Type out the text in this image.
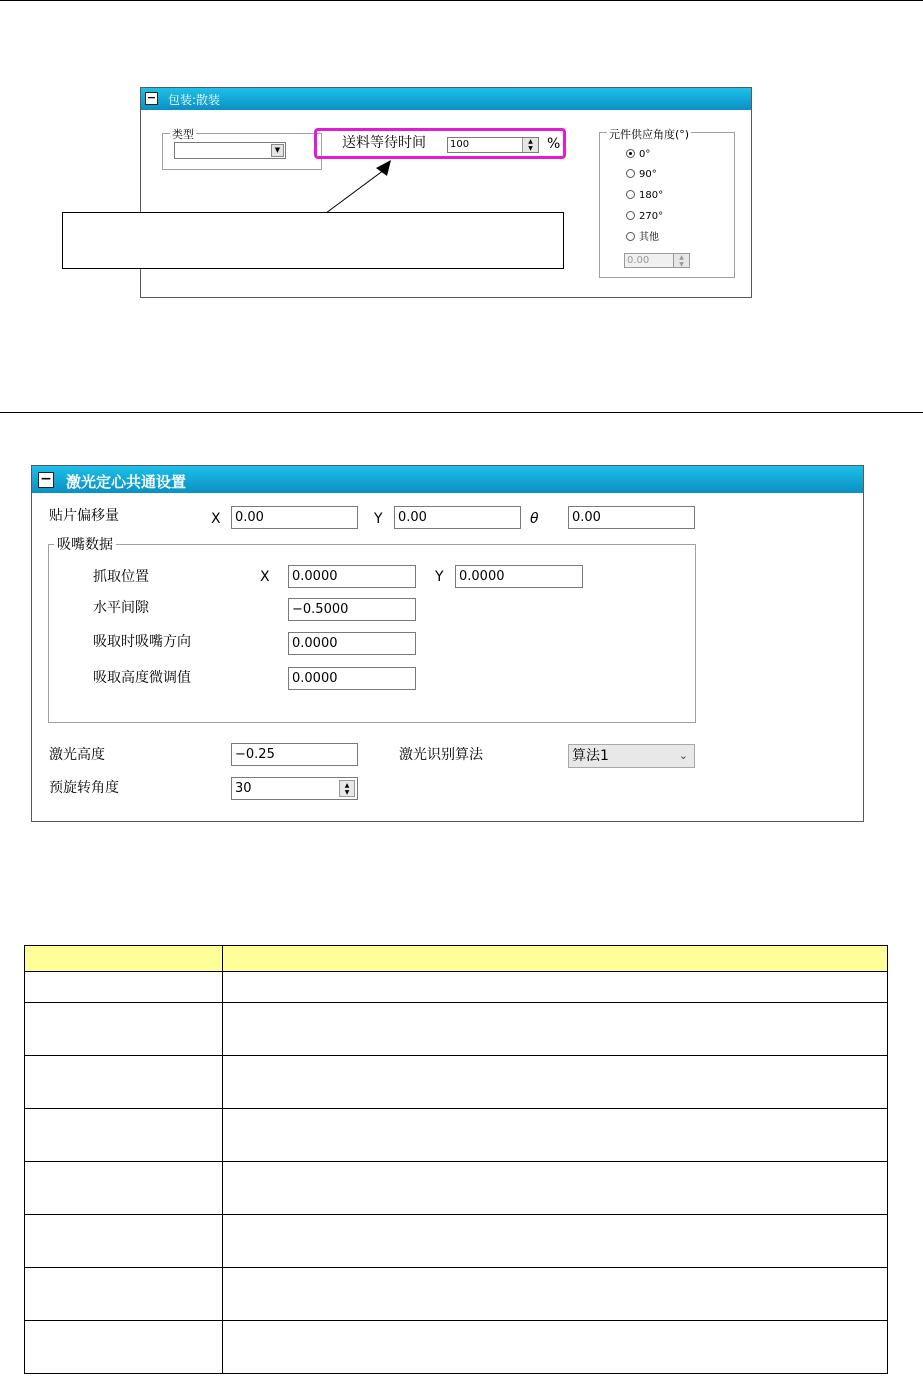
− 包装:散装
类型
▼	送料等待时间	100	▲
▼	%
元件供应角度(°)
0°
90°
180°
270°
其他
0.00	▲
▼
− 激光定心共通设置
贴片偏移量	X	0.00	Y	0.00	θ	0.00
吸嘴数据
抓取位置	X	0.0000	Y	0.0000
水平间隙	−0.5000
吸取时吸嘴方向	0.0000
吸取高度微调值	0.0000
激光高度	−0.25	激光识别算法	算法1	⌄
预旋转角度	30	▲
▼
